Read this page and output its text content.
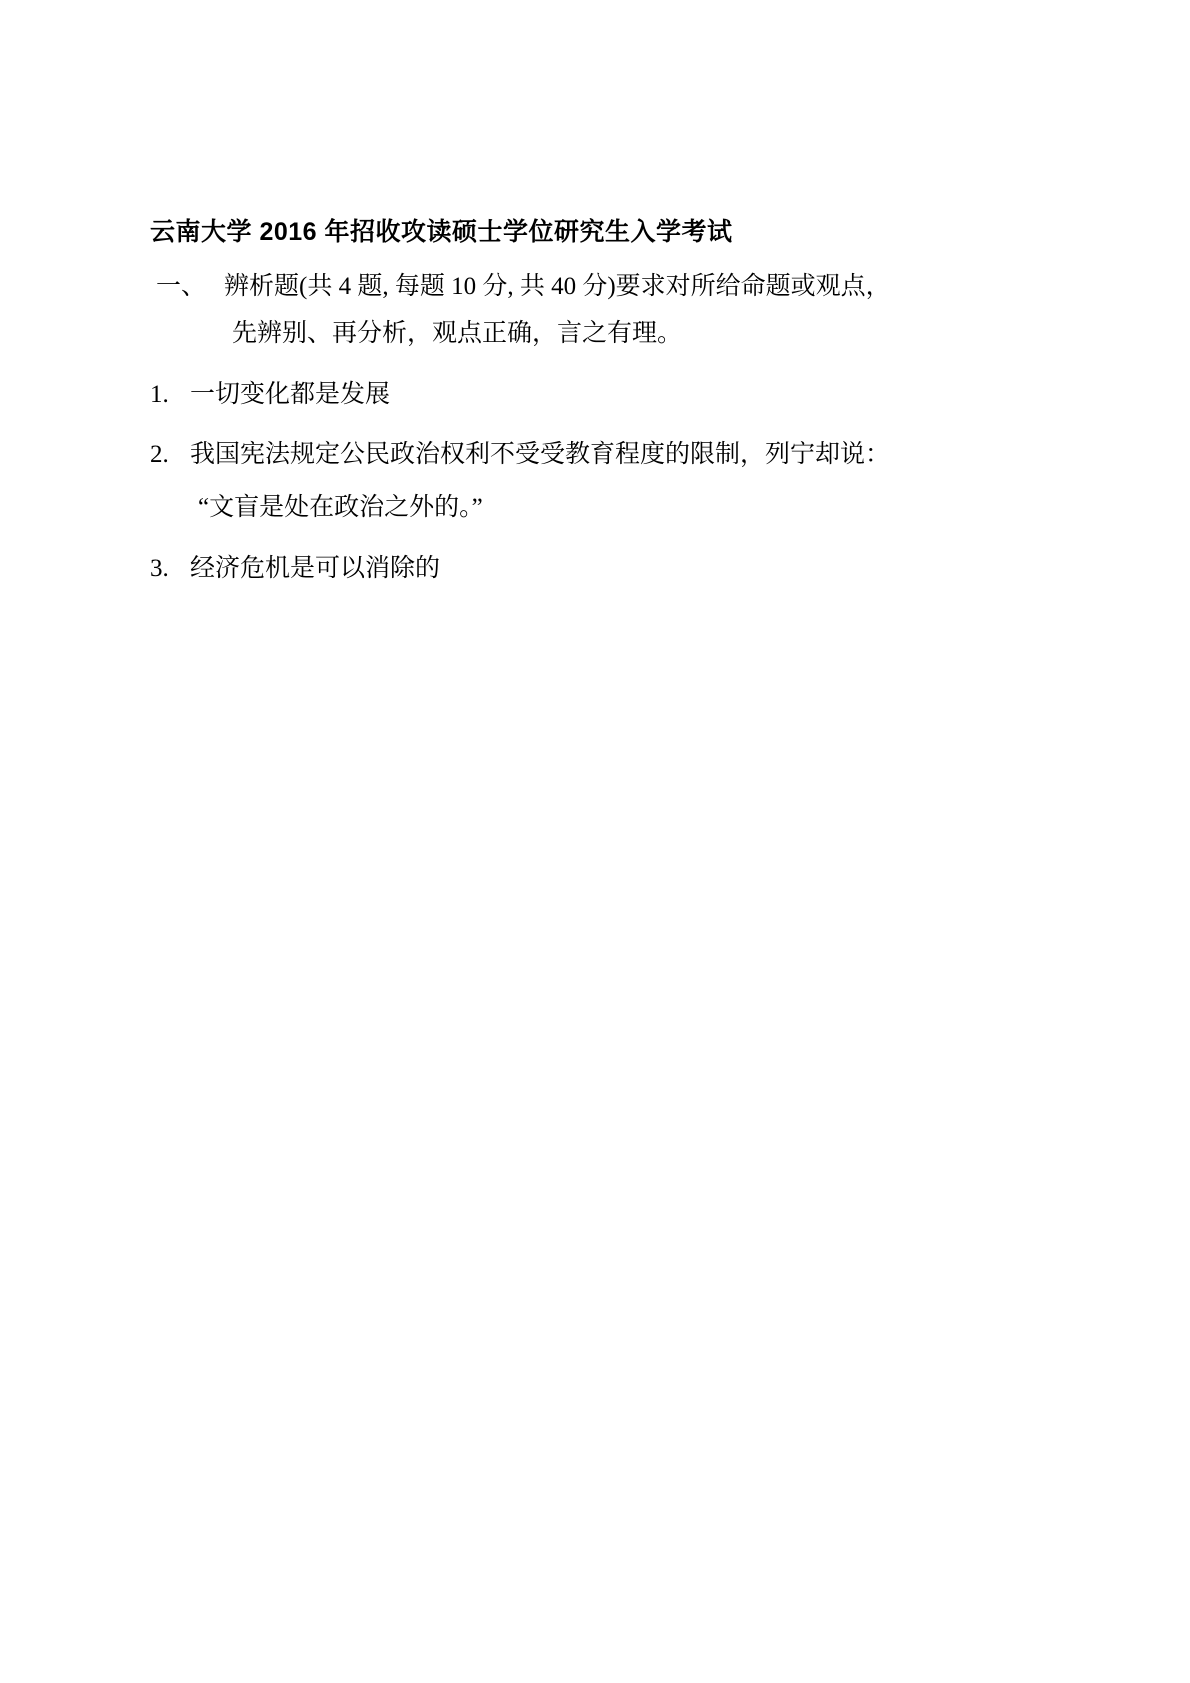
云南大学 2016 年招收攻读硕士学位研究生入学考试

一、 辨析题(共 4 题, 每题 10 分, 共 40 分)要求对所给命题或观点，

先辨别、再分析，观点正确，言之有理。

1. 一切变化都是发展
2. 我国宪法规定公民政治权利不受受教育程度的限制，列宁却说：

“文盲是处在政治之外的。”

3. 经济危机是可以消除的
